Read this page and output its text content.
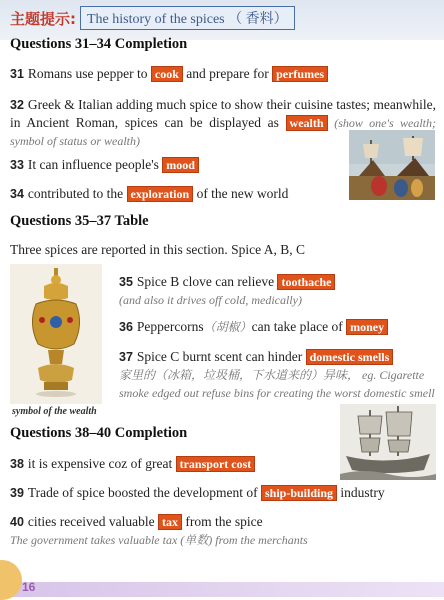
主题提示: The history of the spices （ 香料）
Questions 31–34 Completion
31 Romans use pepper to cook and prepare for perfumes
32 Greek & Italian adding much spice to show their cuisine tastes; meanwhile, in Ancient Roman, spices can be displayed as wealth (show one's wealth; symbol of status or wealth)
33 It can influence people's mood
34 contributed to the exploration of the new world
Questions 35–37 Table
Three spices are reported in this section. Spice A, B, C
symbol of the wealth
35 Spice B clove can relieve toothache
(and also it drives off cold, medically)
36 Peppercorns（胡椒）can take place of money
37 Spice C burnt scent can hinder domestic smells
家里的（冰箱，垃圾桶，下水道来的）异味， eg. Cigarette smoke edged out refuse bins for creating the worst domestic smell
Questions 38–40 Completion
38 it is expensive coz of great transport cost
39 Trade of spice boosted the development of ship-building industry
40 cities received valuable tax from the spice
The government takes valuable tax (单数) from the merchants
16
